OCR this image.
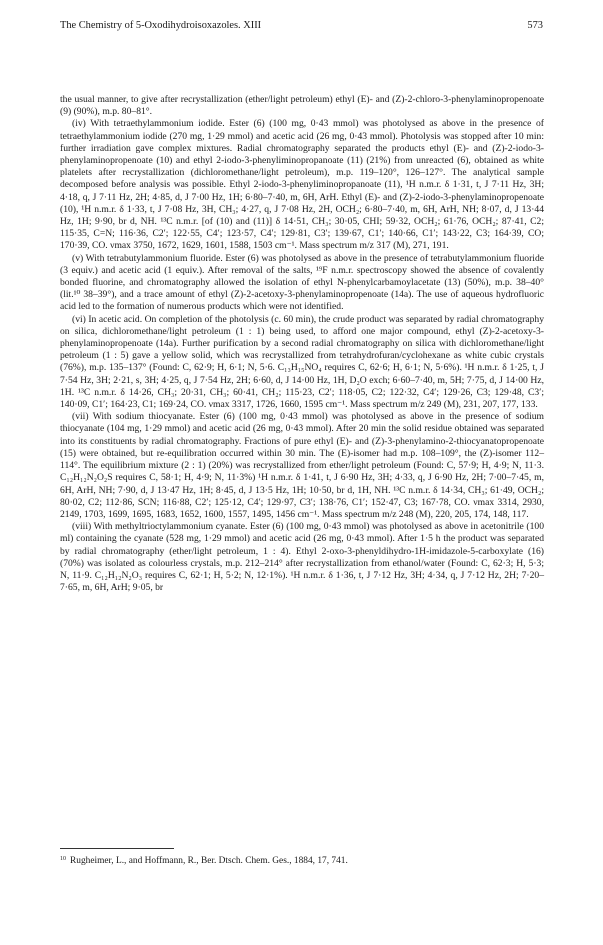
The Chemistry of 5-Oxodihydroisoxazoles. XIII	573

the usual manner, to give after recrystallization (ether/light petroleum) ethyl (E)- and (Z)-2-chloro-3-phenylaminopropenoate (9) (90%), m.p. 80–81°.

(iv) With tetraethylammonium iodide. Ester (6) (100 mg, 0·43 mmol) was photolysed as above in the presence of tetraethylammonium iodide (270 mg, 1·29 mmol) and acetic acid (26 mg, 0·43 mmol). Photolysis was stopped after 10 min: further irradiation gave complex mixtures. Radial chromatography separated the products ethyl (E)- and (Z)-2-iodo-3-phenylaminopropenoate (10) and ethyl 2-iodo-3-phenyliminopropanoate (11) (21%) from unreacted (6), obtained as white platelets after recrystallization (dichloromethane/light petroleum), m.p. 119–120°, 126–127°. The analytical sample decomposed before analysis was possible. Ethyl 2-iodo-3-phenyliminopropanoate (11), ¹H n.m.r. δ 1·31, t, J 7·11 Hz, 3H; 4·18, q, J 7·11 Hz, 2H; 4·85, d, J 7·00 Hz, 1H; 6·80–7·40, m, 6H, ArH. Ethyl (E)- and (Z)-2-iodo-3-phenylaminopropenoate (10), ¹H n.m.r. δ 1·33, t, J 7·08 Hz, 3H, CH₃; 4·27, q, J 7·08 Hz, 2H, OCH₂; 6·80–7·40, m, 6H, ArH, NH; 8·07, d, J 13·44 Hz, 1H; 9·90, br d, NH. ¹³C n.m.r. [of (10) and (11)] δ 14·51, CH₃; 30·05, CHI; 59·32, OCH₂; 61·76, OCH₂; 87·41, C2; 115·35, C=N; 116·36, C2′; 122·55, C4′; 123·57, C4′; 129·81, C3′; 139·67, C1′; 140·66, C1′; 143·22, C3; 164·39, CO; 170·39, CO. νmax 3750, 1672, 1629, 1601, 1588, 1503 cm⁻¹. Mass spectrum m/z 317 (M), 271, 191.

(v) With tetrabutylammonium fluoride. Ester (6) was photolysed as above in the presence of tetrabutylammonium fluoride (3 equiv.) and acetic acid (1 equiv.). After removal of the salts, ¹⁹F n.m.r. spectroscopy showed the absence of covalently bonded fluorine, and chromatography allowed the isolation of ethyl N-phenylcarbamoylacetate (13) (50%), m.p. 38–40° (lit.¹⁰ 38–39°), and a trace amount of ethyl (Z)-2-acetoxy-3-phenylaminopropenoate (14a). The use of aqueous hydrofluoric acid led to the formation of numerous products which were not identified.

(vi) In acetic acid. On completion of the photolysis (c. 60 min), the crude product was separated by radial chromatography on silica, dichloromethane/light petroleum (1 : 1) being used, to afford one major compound, ethyl (Z)-2-acetoxy-3-phenylaminopropenoate (14a). Further purification by a second radial chromatography on silica with dichloromethane/light petroleum (1 : 5) gave a yellow solid, which was recrystallized from tetrahydrofuran/cyclohexane as white cubic crystals (76%), m.p. 135–137° (Found: C, 62·9; H, 6·1; N, 5·6. C₁₃H₁₅NO₄ requires C, 62·6; H, 6·1; N, 5·6%). ¹H n.m.r. δ 1·25, t, J 7·54 Hz, 3H; 2·21, s, 3H; 4·25, q, J 7·54 Hz, 2H; 6·60, d, J 14·00 Hz, 1H, D₂O exch; 6·60–7·40, m, 5H; 7·75, d, J 14·00 Hz, 1H. ¹³C n.m.r. δ 14·26, CH₃; 20·31, CH₃; 60·41, CH₂; 115·23, C2′; 118·05, C2; 122·32, C4′; 129·26, C3; 129·48, C3′; 140·09, C1′; 164·23, C1; 169·24, CO. νmax 3317, 1726, 1660, 1595 cm⁻¹. Mass spectrum m/z 249 (M), 231, 207, 177, 133.

(vii) With sodium thiocyanate. Ester (6) (100 mg, 0·43 mmol) was photolysed as above in the presence of sodium thiocyanate (104 mg, 1·29 mmol) and acetic acid (26 mg, 0·43 mmol). After 20 min the solid residue obtained was separated into its constituents by radial chromatography. Fractions of pure ethyl (E)- and (Z)-3-phenylamino-2-thiocyanatopropenoate (15) were obtained, but re-equilibration occurred within 30 min. The (E)-isomer had m.p. 108–109°, the (Z)-isomer 112–114°. The equilibrium mixture (2 : 1) (20%) was recrystallized from ether/light petroleum (Found: C, 57·9; H, 4·9; N, 11·3. C₁₂H₁₂N₂O₂S requires C, 58·1; H, 4·9; N, 11·3%) ¹H n.m.r. δ 1·41, t, J 6·90 Hz, 3H; 4·33, q, J 6·90 Hz, 2H; 7·00–7·45, m, 6H, ArH, NH; 7·90, d, J 13·47 Hz, 1H; 8·45, d, J 13·5 Hz, 1H; 10·50, br d, 1H, NH. ¹³C n.m.r. δ 14·34, CH₃; 61·49, OCH₂; 80·02, C2; 112·86, SCN; 116·88, C2′; 125·12, C4′; 129·97, C3′; 138·76, C1′; 152·47, C3; 167·78, CO. νmax 3314, 2930, 2149, 1703, 1699, 1695, 1683, 1652, 1600, 1557, 1495, 1456 cm⁻¹. Mass spectrum m/z 248 (M), 220, 205, 174, 148, 117.

(viii) With methyltrioctylammonium cyanate. Ester (6) (100 mg, 0·43 mmol) was photolysed as above in acetonitrile (100 ml) containing the cyanate (528 mg, 1·29 mmol) and acetic acid (26 mg, 0·43 mmol). After 1·5 h the product was separated by radial chromatography (ether/light petroleum, 1 : 4). Ethyl 2-oxo-3-phenyldihydro-1H-imidazole-5-carboxylate (16) (70%) was isolated as colourless crystals, m.p. 212–214° after recrystallization from ethanol/water (Found: C, 62·3; H, 5·3; N, 11·9. C₁₂H₁₂N₂O₃ requires C, 62·1; H, 5·2; N, 12·1%). ¹H n.m.r. δ 1·36, t, J 7·12 Hz, 3H; 4·34, q, J 7·12 Hz, 2H; 7·20–7·65, m, 6H, ArH; 9·05, br

$^{10}$ Rugheimer, L., and Hoffmann, R., Ber. Dtsch. Chem. Ges., 1884, 17, 741.
